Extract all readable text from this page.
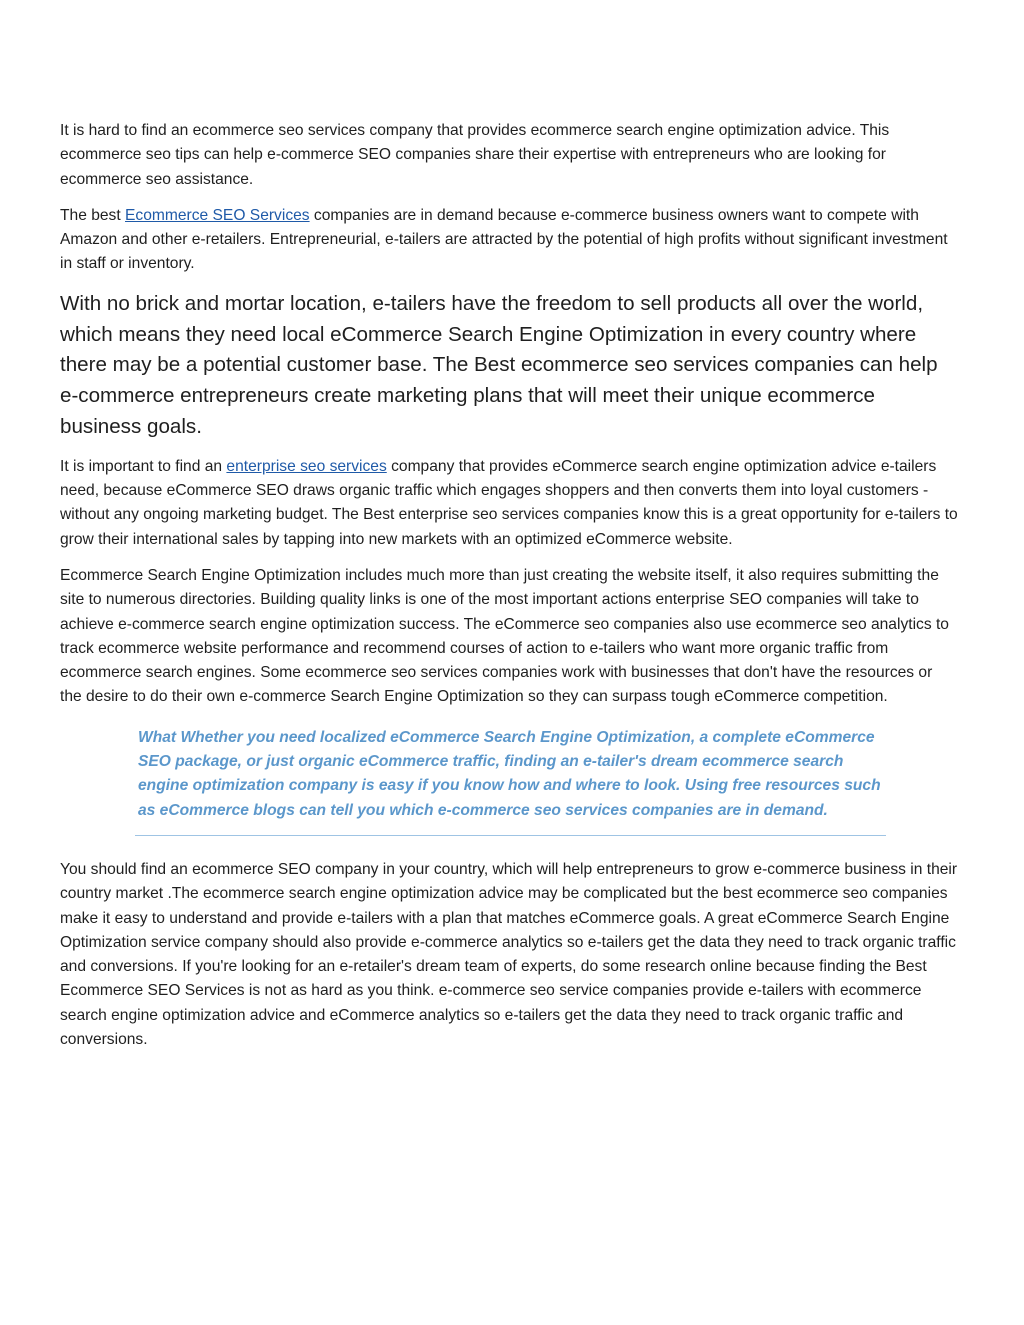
It is hard to find an ecommerce seo services company that provides ecommerce search engine optimization advice. This ecommerce seo tips can help e-commerce SEO companies share their expertise with entrepreneurs who are looking for ecommerce seo assistance.

The best Ecommerce SEO Services companies are in demand because e-commerce business owners want to compete with Amazon and other e-retailers. Entrepreneurial, e-tailers are attracted by the potential of high profits without significant investment in staff or inventory.

With no brick and mortar location, e-tailers have the freedom to sell products all over the world, which means they need local eCommerce Search Engine Optimization in every country where there may be a potential customer base. The Best ecommerce seo services companies can help e-commerce entrepreneurs create marketing plans that will meet their unique ecommerce business goals.

It is important to find an enterprise seo services company that provides eCommerce search engine optimization advice e-tailers need, because eCommerce SEO draws organic traffic which engages shoppers and then converts them into loyal customers - without any ongoing marketing budget. The Best enterprise seo services companies know this is a great opportunity for e-tailers to grow their international sales by tapping into new markets with an optimized eCommerce website.

Ecommerce Search Engine Optimization includes much more than just creating the website itself, it also requires submitting the site to numerous directories. Building quality links is one of the most important actions enterprise SEO companies will take to achieve e-commerce search engine optimization success. The eCommerce seo companies also use ecommerce seo analytics to track ecommerce website performance and recommend courses of action to e-tailers who want more organic traffic from ecommerce search engines. Some ecommerce seo services companies work with businesses that don't have the resources or the desire to do their own e-commerce Search Engine Optimization so they can surpass tough eCommerce competition.

What Whether you need localized eCommerce Search Engine Optimization, a complete eCommerce SEO package, or just organic eCommerce traffic, finding an e-tailer's dream ecommerce search engine optimization company is easy if you know how and where to look. Using free resources such as eCommerce blogs can tell you which e-commerce seo services companies are in demand.

You should find an ecommerce SEO company in your country, which will help entrepreneurs to grow e-commerce business in their country market .The ecommerce search engine optimization advice may be complicated but the best ecommerce seo companies make it easy to understand and provide e-tailers with a plan that matches eCommerce goals. A great eCommerce Search Engine Optimization service company should also provide e-commerce analytics so e-tailers get the data they need to track organic traffic and conversions. If you're looking for an e-retailer's dream team of experts, do some research online because finding the Best Ecommerce SEO Services is not as hard as you think. e-commerce seo service companies provide e-tailers with ecommerce search engine optimization advice and eCommerce analytics so e-tailers get the data they need to track organic traffic and conversions.
